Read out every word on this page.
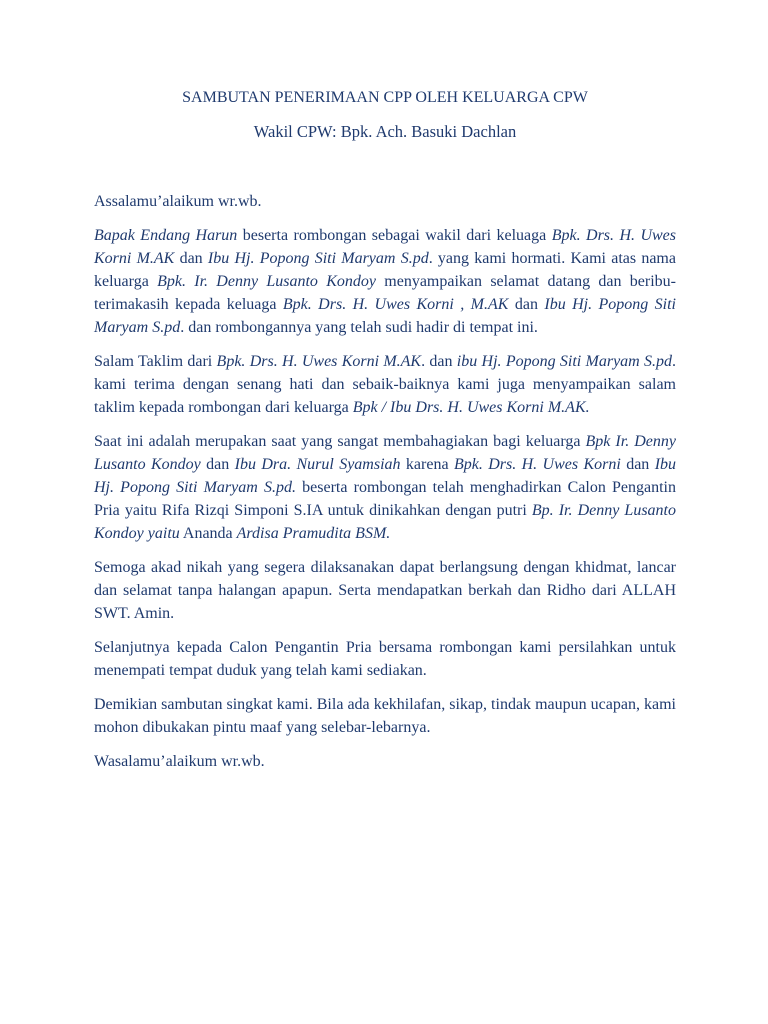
SAMBUTAN PENERIMAAN CPP OLEH KELUARGA CPW

Wakil CPW: Bpk. Ach. Basuki Dachlan

Assalamu’alaikum wr.wb.

Bapak Endang Harun beserta rombongan sebagai wakil dari keluaga Bpk. Drs. H. Uwes Korni M.AK dan Ibu Hj. Popong Siti Maryam S.pd. yang kami hormati. Kami atas nama keluarga Bpk. Ir. Denny Lusanto Kondoy menyampaikan selamat datang dan beribu-terimakasih kepada keluaga Bpk. Drs. H. Uwes Korni , M.AK dan Ibu Hj. Popong Siti Maryam S.pd. dan rombongannya yang telah sudi hadir di tempat ini.

Salam Taklim dari Bpk. Drs. H. Uwes Korni M.AK. dan ibu Hj. Popong Siti Maryam S.pd. kami terima dengan senang hati dan sebaik-baiknya kami juga menyampaikan salam taklim kepada rombongan dari keluarga Bpk / Ibu Drs. H. Uwes Korni M.AK.

Saat ini adalah merupakan saat yang sangat membahagiakan bagi keluarga Bpk Ir. Denny Lusanto Kondoy dan Ibu Dra. Nurul Syamsiah karena Bpk. Drs. H. Uwes Korni dan Ibu Hj. Popong Siti Maryam S.pd. beserta rombongan telah menghadirkan Calon Pengantin Pria yaitu Rifa Rizqi Simponi S.IA untuk dinikahkan dengan putri Bp. Ir. Denny Lusanto Kondoy yaitu Ananda Ardisa Pramudita BSM.

Semoga akad nikah yang segera dilaksanakan dapat berlangsung dengan khidmat, lancar dan selamat tanpa halangan apapun. Serta mendapatkan berkah dan Ridho dari ALLAH SWT. Amin.

Selanjutnya kepada Calon Pengantin Pria bersama rombongan kami persilahkan untuk menempati tempat duduk yang telah kami sediakan.

Demikian sambutan singkat kami. Bila ada kekhilafan, sikap, tindak maupun ucapan, kami mohon dibukakan pintu maaf yang selebar-lebarnya.

Wasalamu’alaikum wr.wb.
